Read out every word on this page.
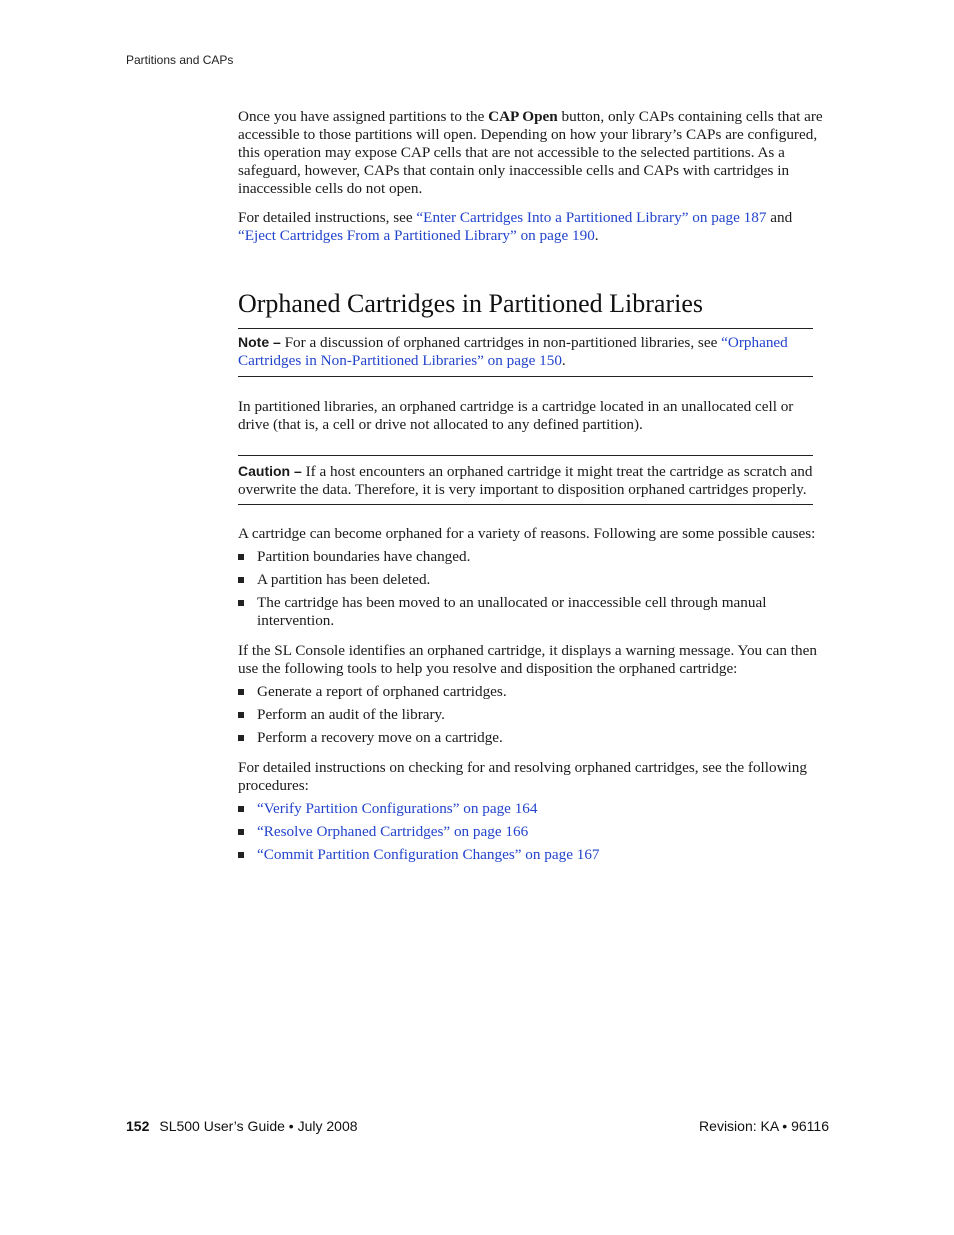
Partitions and CAPs

Once you have assigned partitions to the CAP Open button, only CAPs containing cells that are accessible to those partitions will open. Depending on how your library’s CAPs are configured, this operation may expose CAP cells that are not accessible to the selected partitions. As a safeguard, however, CAPs that contain only inaccessible cells and CAPs with cartridges in inaccessible cells do not open.

For detailed instructions, see “Enter Cartridges Into a Partitioned Library” on page 187 and “Eject Cartridges From a Partitioned Library” on page 190.

Orphaned Cartridges in Partitioned Libraries
Note – For a discussion of orphaned cartridges in non-partitioned libraries, see “Orphaned Cartridges in Non-Partitioned Libraries” on page 150.

In partitioned libraries, an orphaned cartridge is a cartridge located in an unallocated cell or drive (that is, a cell or drive not allocated to any defined partition).

Caution – If a host encounters an orphaned cartridge it might treat the cartridge as scratch and overwrite the data. Therefore, it is very important to disposition orphaned cartridges properly.

A cartridge can become orphaned for a variety of reasons. Following are some possible causes:

Partition boundaries have changed.
A partition has been deleted.
The cartridge has been moved to an unallocated or inaccessible cell through manual intervention.

If the SL Console identifies an orphaned cartridge, it displays a warning message. You can then use the following tools to help you resolve and disposition the orphaned cartridge:

Generate a report of orphaned cartridges.
Perform an audit of the library.
Perform a recovery move on a cartridge.

For detailed instructions on checking for and resolving orphaned cartridges, see the following procedures:

“Verify Partition Configurations” on page 164
“Resolve Orphaned Cartridges” on page 166
“Commit Partition Configuration Changes” on page 167
152 SL500 User’s Guide • July 2008	Revision: KA • 96116
